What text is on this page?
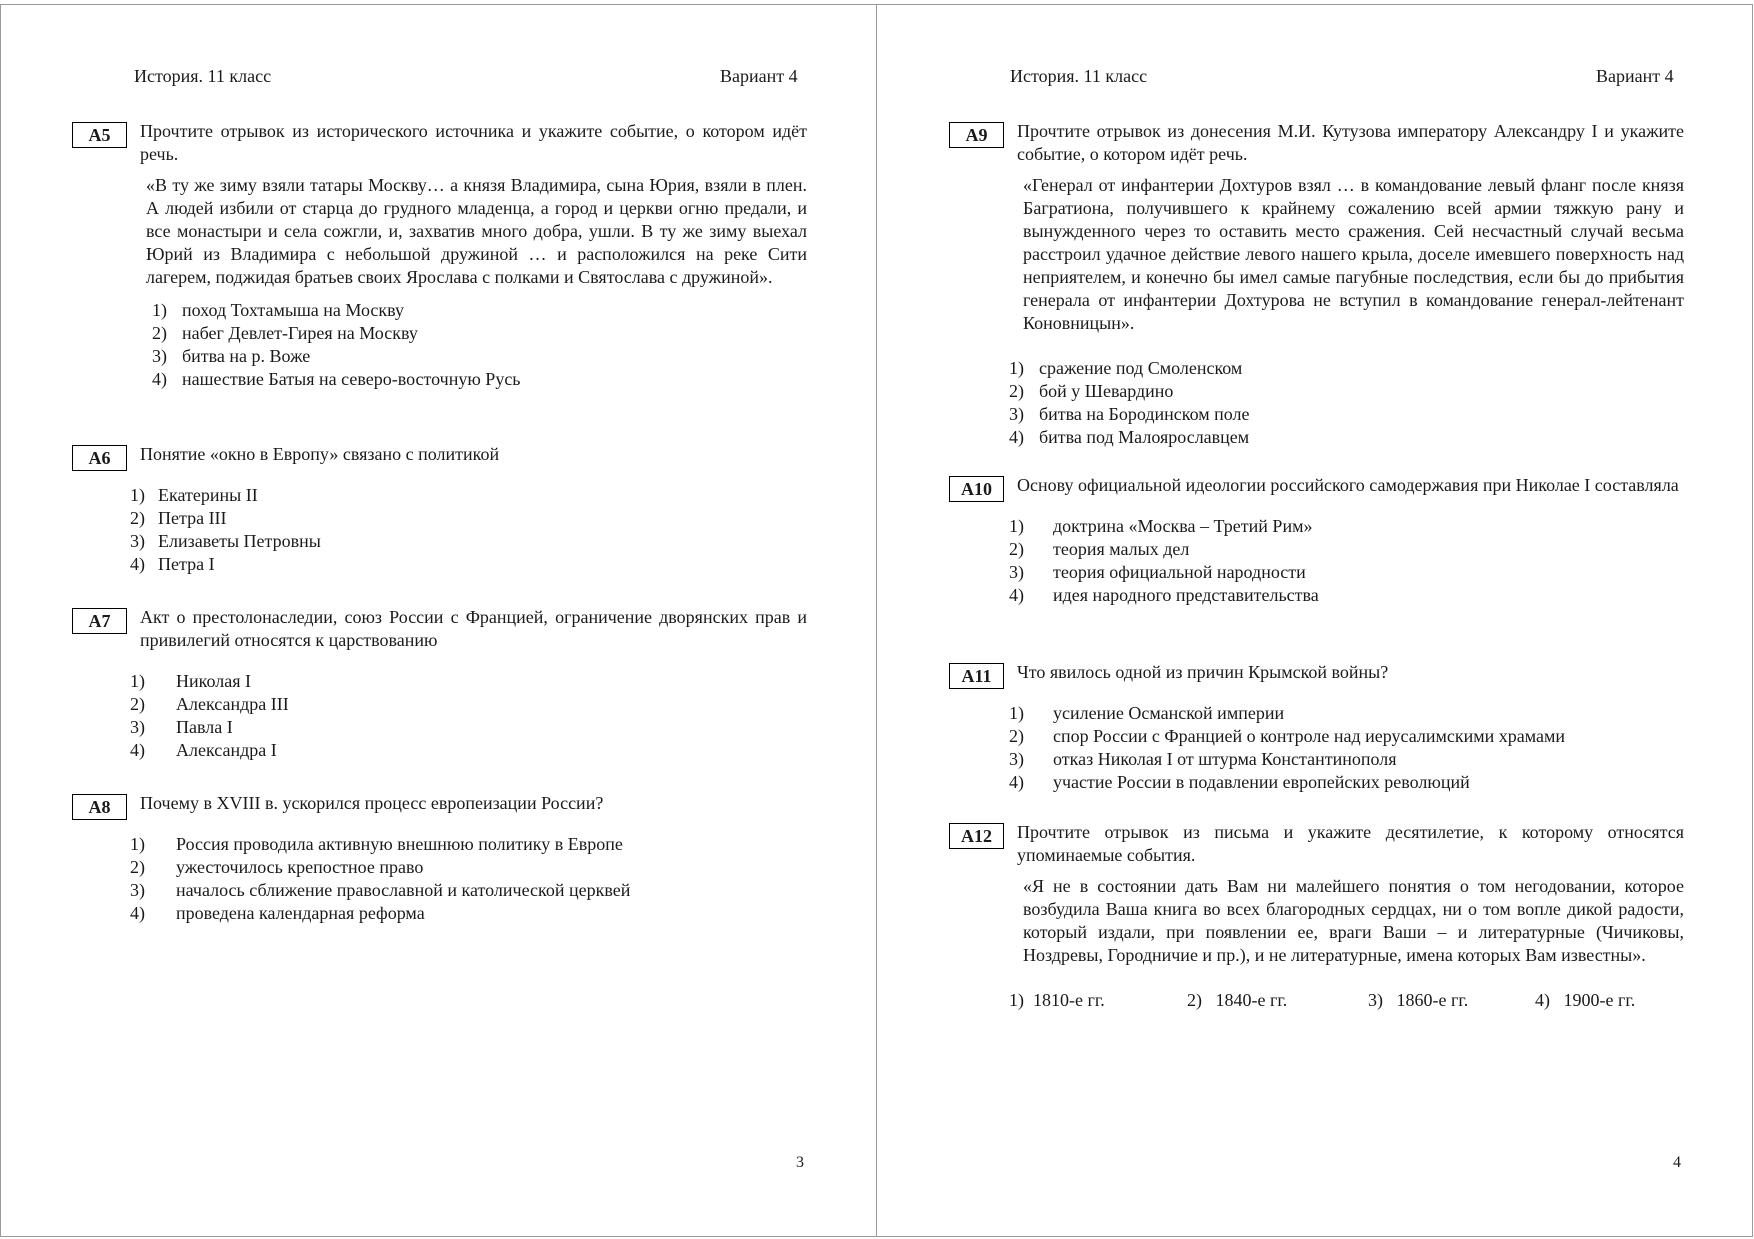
История. 11 класс	Вариант 4
A5	Прочтите отрывок из исторического источника и укажите событие, о котором идёт речь.
«В ту же зиму взяли татары Москву… а князя Владимира, сына Юрия, взяли в плен. А людей избили от старца до грудного младенца, а город и церкви огню предали, и все монастыри и села сожгли, и, захватив много добра, ушли. В ту же зиму выехал Юрий из Владимира с небольшой дружиной … и расположился на реке Сити лагерем, поджидая братьев своих Ярослава с полками и Святослава с дружиной».
1) поход Тохтамыша на Москву
2) набег Девлет-Гирея на Москву
3) битва на р. Воже
4) нашествие Батыя на северо-восточную Русь
A6	Понятие «окно в Европу» связано с политикой
1) Екатерины II
2) Петра III
3) Елизаветы Петровны
4) Петра I
A7	Акт о престолонаследии, союз России с Францией, ограничение дворянских прав и привилегий относятся к царствованию
1)	Николая I
2)	Александра III
3)	Павла I
4)	Александра I
A8	Почему в XVIII в. ускорился процесс европеизации России?
1)	Россия проводила активную внешнюю политику в Европе
2)	ужесточилось крепостное право
3)	началось сближение православной и католической церквей
4)	проведена календарная реформа
3
История. 11 класс	Вариант 4
A9	Прочтите отрывок из донесения М.И. Кутузова императору Александру I и укажите событие, о котором идёт речь.
«Генерал от инфантерии Дохтуров взял … в командование левый фланг после князя Багратиона, получившего к крайнему сожалению всей армии тяжкую рану и вынужденного через то оставить место сражения. Сей несчастный случай весьма расстроил удачное действие левого нашего крыла, доселе имевшего поверхность над неприятелем, и конечно бы имел самые пагубные последствия, если бы до прибытия генерала от инфантерии Дохтурова не вступил в командование генерал-лейтенант Коновницын».
1) сражение под Смоленском
2) бой у Шевардино
3) битва на Бородинском поле
4) битва под Малоярославцем
A10	Основу официальной идеологии российского самодержавия при Николае I составляла
1)	доктрина «Москва – Третий Рим»
2)	теория малых дел
3)	теория официальной народности
4)	идея народного представительства
A11	Что явилось одной из причин Крымской войны?
1)	усиление Османской империи
2)	спор России с Францией о контроле над иерусалимскими храмами
3)	отказ Николая I от штурма Константинополя
4)	участие России в подавлении европейских революций
A12	Прочтите отрывок из письма и укажите десятилетие, к которому относятся упоминаемые события.
«Я не в состоянии дать Вам ни малейшего понятия о том негодовании, которое возбудила Ваша книга во всех благородных сердцах, ни о том вопле дикой радости, который издали, при появлении ее, враги Ваши – и литературные (Чичиковы, Ноздревы, Городничие и пр.), и не литературные, имена которых Вам известны».
1) 1810-е гг.	2) 1840-е гг.	3) 1860-е гг.	4) 1900-е гг.
4
